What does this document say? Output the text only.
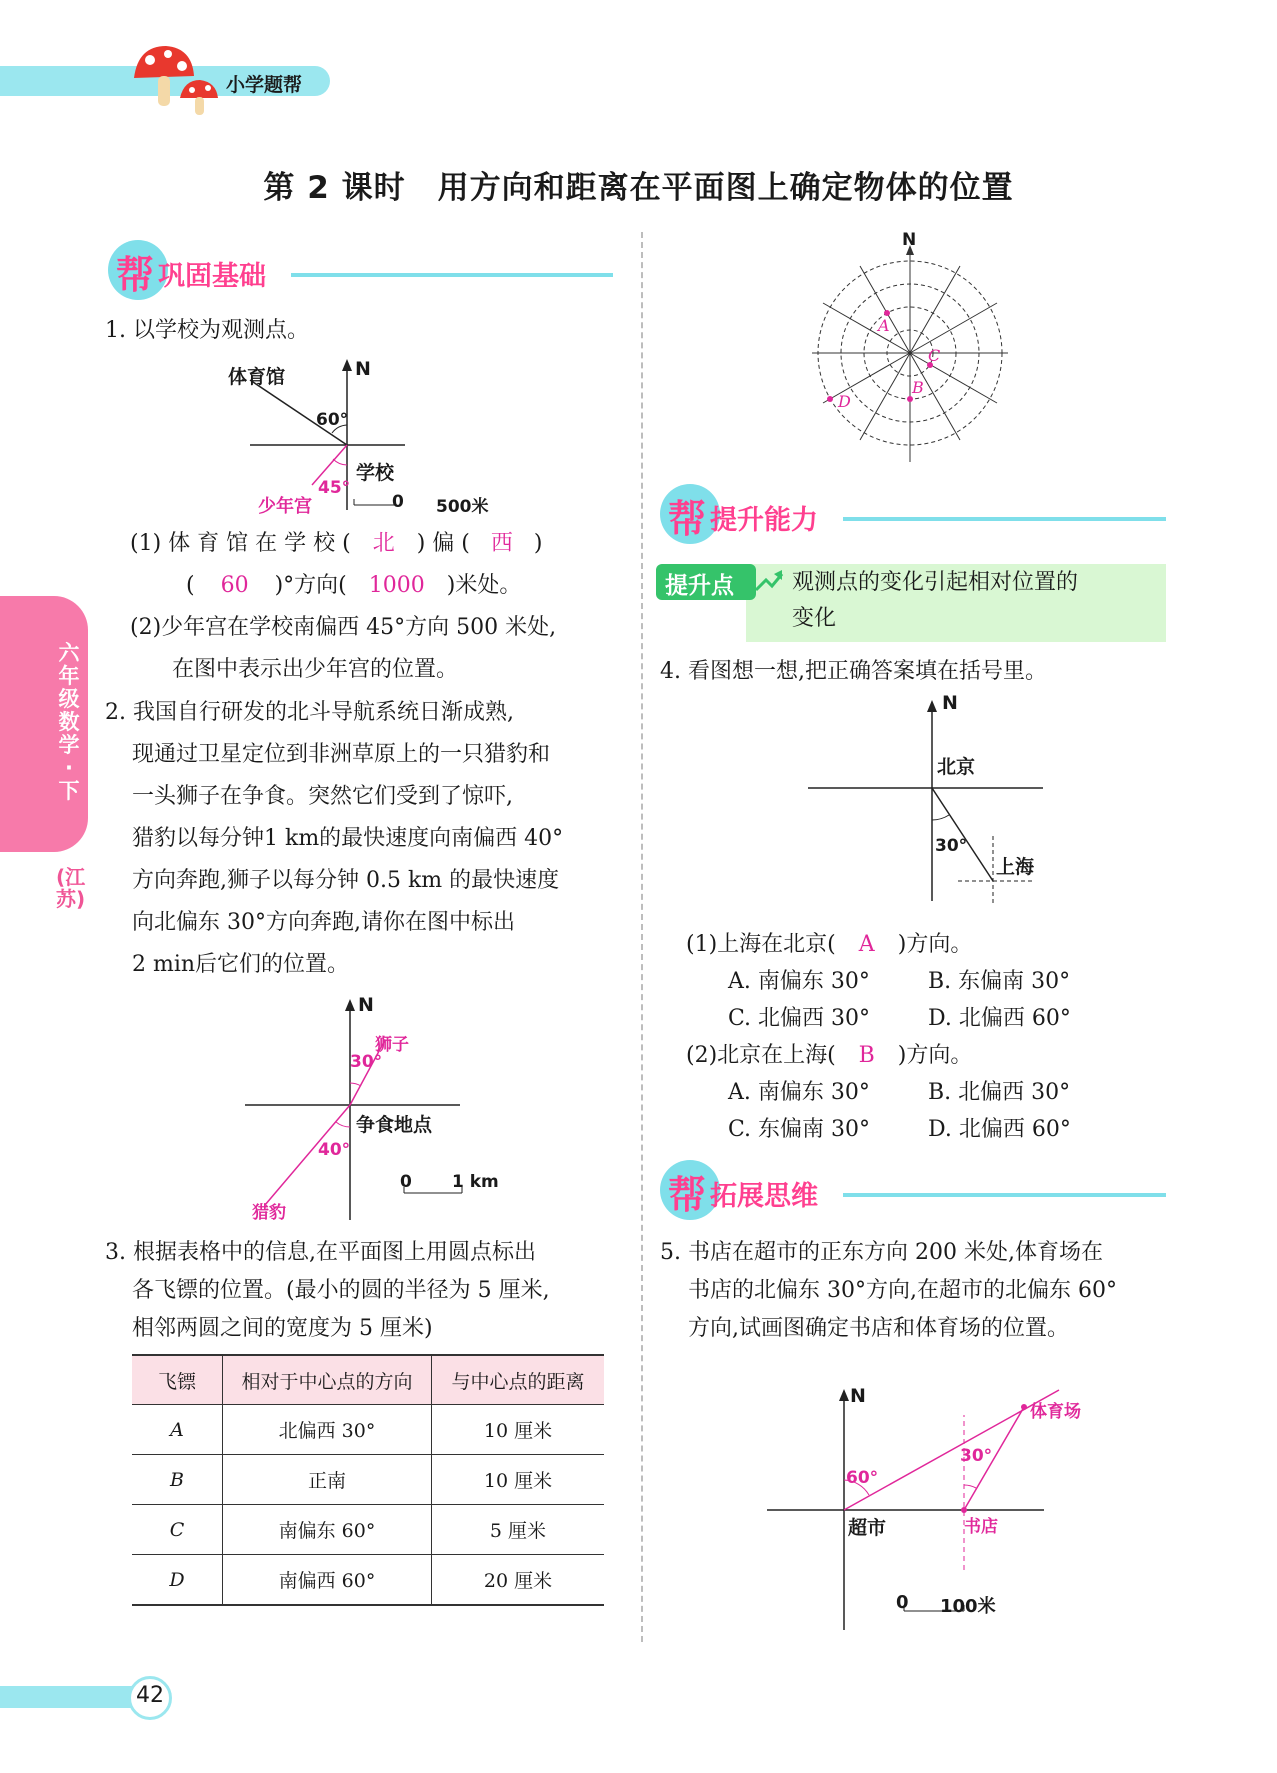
小学题帮
第 2 课时　用方向和距离在平面图上确定物体的位置
六年级数学·下
(江苏)
帮 巩固基础
1. 以学校为观测点。
体育馆	N
60°
学校
少年宫
45°
0 500米
(1) 体 育 馆 在 学 校 ( 北 ) 偏 ( 西 )
( 60 )°方向( 1000 )米处。
(2)少年宫在学校南偏西 45°方向 500 米处,
在图中表示出少年宫的位置。
2. 我国自行研发的北斗导航系统日渐成熟,
现通过卫星定位到非洲草原上的一只猎豹和
一头狮子在争食。突然它们受到了惊吓,
猎豹以每分钟1 km的最快速度向南偏西 40°
方向奔跑,狮子以每分钟 0.5 km 的最快速度
向北偏东 30°方向奔跑,请你在图中标出
2 min后它们的位置。
N
狮子
30°
争食地点
40°
猎豹
0 1 km
3. 根据表格中的信息,在平面图上用圆点标出
各飞镖的位置。(最小的圆的半径为 5 厘米,
相邻两圆之间的宽度为 5 厘米)
飞镖	相对于中心点的方向	与中心点的距离
A	北偏西 30°	10 厘米
B	正南	10 厘米
C	南偏东 60°	5 厘米
D	南偏西 60°	20 厘米
N
A
B
C
D
帮 提升能力
提升点	观测点的变化引起相对位置的
变化
4. 看图想一想,把正确答案填在括号里。
N
北京
30°
上海
(1)上海在北京( A )方向。
A. 南偏东 30°	B. 东偏南 30°
C. 北偏西 30°	D. 北偏西 60°
(2)北京在上海( B )方向。
A. 南偏东 30°	B. 北偏西 30°
C. 东偏南 30°	D. 北偏西 60°
帮 拓展思维
5. 书店在超市的正东方向 200 米处,体育场在
书店的北偏东 30°方向,在超市的北偏东 60°
方向,试画图确定书店和体育场的位置。
N
体育场
30°
60°
超市	书店
0 100米
42
